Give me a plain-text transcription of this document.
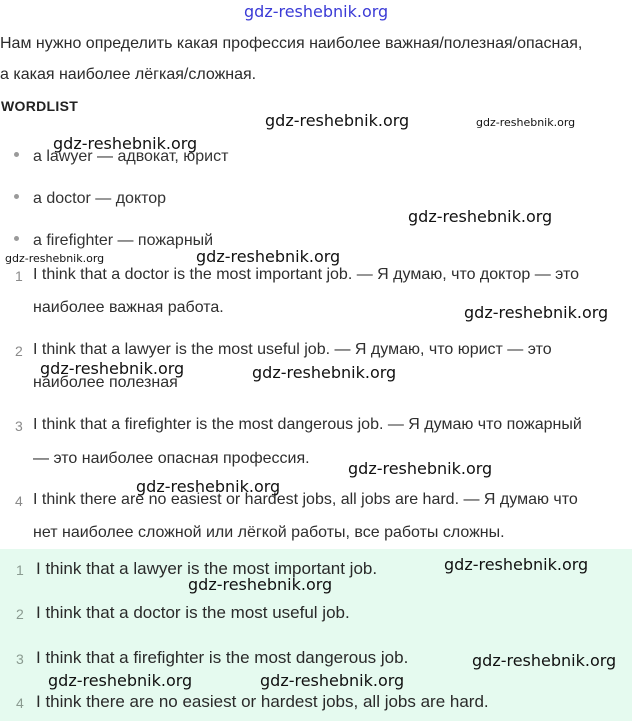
gdz-reshebnik.org
Нам нужно определить какая профессия наиболее важная/полезная/опасная,
а какая наиболее лёгкая/сложная.
WORDLIST
a lawyer — адвокат, юрист
a doctor — доктор
a firefighter — пожарный
1 I think that a doctor is the most important job. — Я думаю, что доктор — это
наиболее важная работа.
2 I think that a lawyer is the most useful job. — Я думаю, что юрист — это
наиболее полезная
3 I think that a firefighter is the most dangerous job. — Я думаю что пожарный
— это наиболее опасная профессия.
4 I think there are no easiest or hardest jobs, all jobs are hard. — Я думаю что
нет наиболее сложной или лёгкой работы, все работы сложны.
1 I think that a lawyer is the most important job.
2 I think that a doctor is the most useful job.
3 I think that a firefighter is the most dangerous job.
4 I think there are no easiest or hardest jobs, all jobs are hard.
gdz-reshebnik.org	gdz-reshebnik.org
gdz-reshebnik.org
gdz-reshebnik.org
gdz-reshebnik.org	gdz-reshebnik.org
gdz-reshebnik.org
gdz-reshebnik.org	gdz-reshebnik.org
gdz-reshebnik.org
gdz-reshebnik.org
gdz-reshebnik.org
gdz-reshebnik.org
gdz-reshebnik.org
gdz-reshebnik.org	gdz-reshebnik.org
